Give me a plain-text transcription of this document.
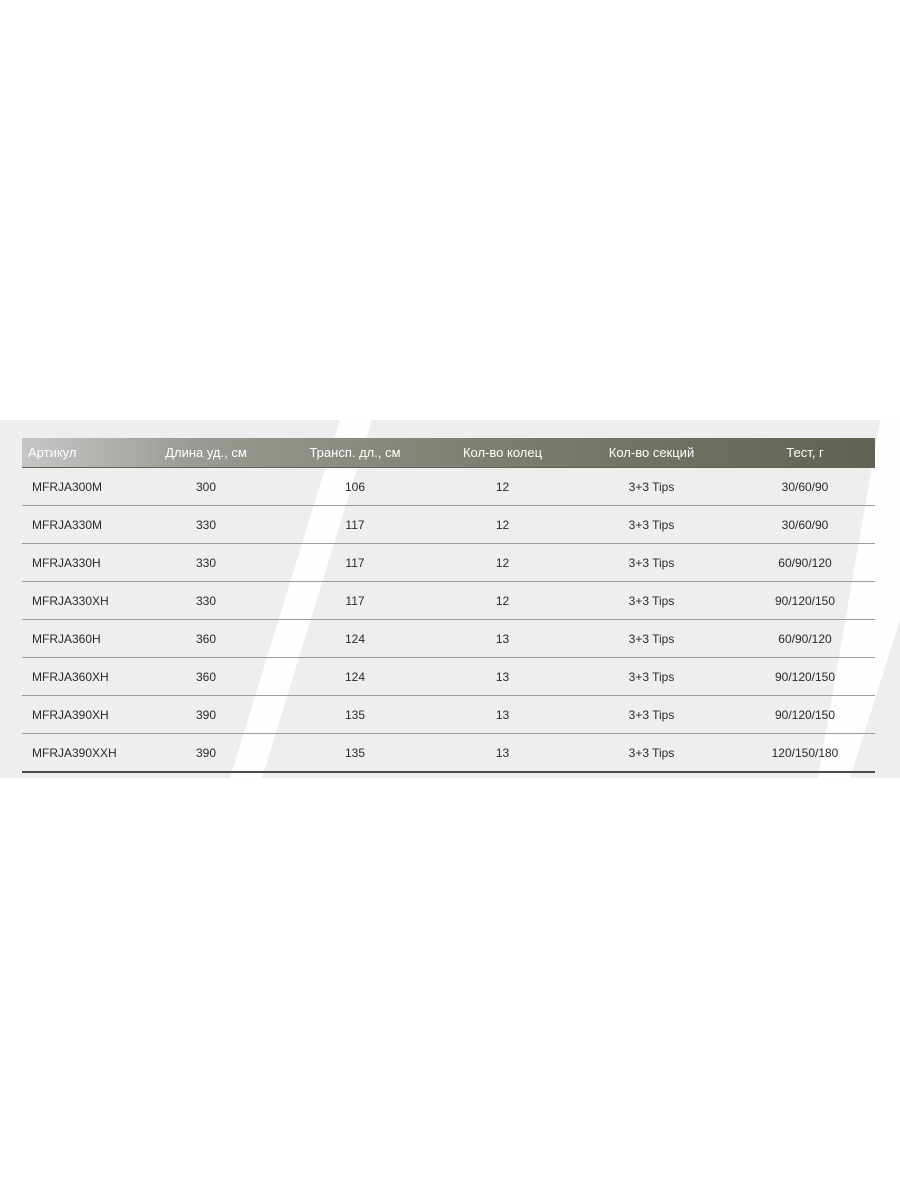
Артикул	Длина уд., см	Трансп. дл., см	Кол-во колец	Кол-во секций	Тест, г
MFRJA300M	300	106	12	3+3 Tips	30/60/90
MFRJA330M	330	117	12	3+3 Tips	30/60/90
MFRJA330H	330	117	12	3+3 Tips	60/90/120
MFRJA330XH	330	117	12	3+3 Tips	90/120/150
MFRJA360H	360	124	13	3+3 Tips	60/90/120
MFRJA360XH	360	124	13	3+3 Tips	90/120/150
MFRJA390XH	390	135	13	3+3 Tips	90/120/150
MFRJA390XXH	390	135	13	3+3 Tips	120/150/180
